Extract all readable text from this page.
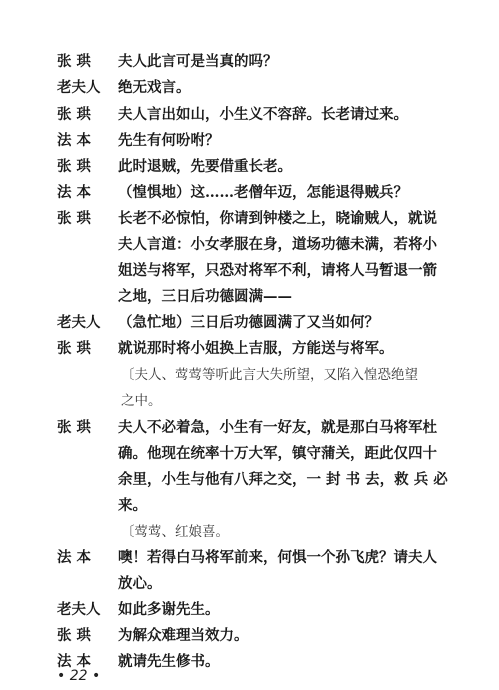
张 珙	夫人此言可是当真的吗？
老夫人	绝无戏言。
张 珙	夫人言出如山，小生义不容辞。长老请过来。
法 本	先生有何吩咐？
张 珙	此时退贼，先要借重长老。
法 本	（惶惧地）这……老僧年迈，怎能退得贼兵？
张 珙	长老不必惊怕，你请到钟楼之上，晓谕贼人，就说
夫人言道：小女孝服在身，道场功德未满，若将小
姐送与将军，只恐对将军不利，请将人马暂退一箭
之地，三日后功德圆满——
老夫人	（急忙地）三日后功德圆满了又当如何？
张 珙	就说那时将小姐换上吉服，方能送与将军。
〔夫人、莺莺等听此言大失所望，又陷入惶恐绝望
之中。
张 珙	夫人不必着急，小生有一好友，就是那白马将军杜
确。他现在统率十万大军，镇守蒲关，距此仅四十
余里，小生与他有八拜之交，一 封 书 去，救 兵 必
来。
〔莺莺、红娘喜。
法 本	噢！若得白马将军前来，何惧一个孙飞虎？请夫人
放心。
老夫人	如此多谢先生。
张 珙	为解众难理当效力。
法 本	就请先生修书。
• 22 •
